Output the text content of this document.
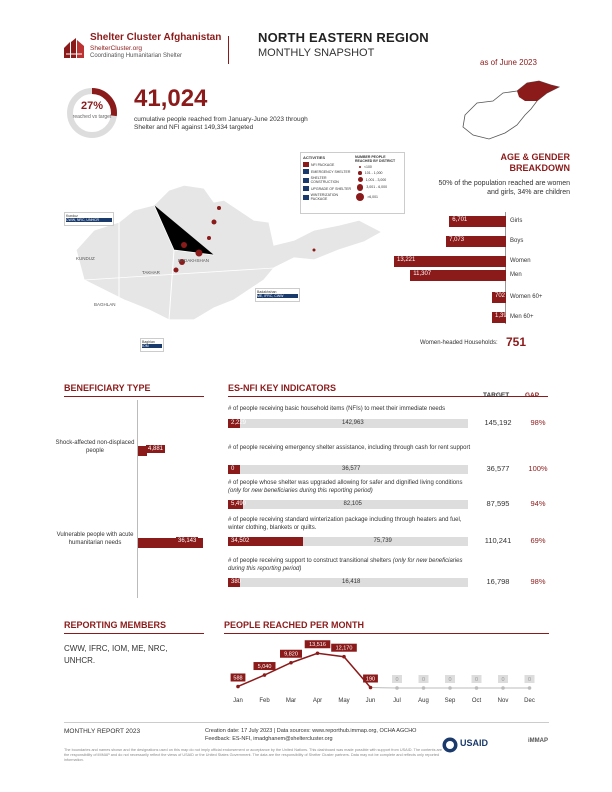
Shelter Cluster Afghanistan
ShelterCluster.org
Coordinating Humanitarian Shelter
NORTH EASTERN REGION
MONTHLY SNAPSHOT
as of June 2023
27%
reached vs target
41,024
cumulative people reached from January-June 2023 through Shelter and NFI against 149,334 targeted
Kunduz
CWW, NRC, UNHCR
Badakhshan
ME, IFRC, CWW
Baghlan
IOM
KUNDUZ
TAKHAR
BADAKHSHAN
BAGHLAN
ACTIVITIES
NFI PACKAGE
EMERGENCY SHELTER
SHELTER CONSTRUCTION
UPGRADE OF SHELTER
WINTERIZATION PACKAGE
NUMBER PEOPLE REACHED BY DISTRICT
<100
101 - 1,000
1,001 - 3,000
3,001 - 6,000
>6,001
AGE & GENDER BREAKDOWN
50% of the population reached are women and girls, 34% are children
6,701	Girls
7,073	Boys
13,221	Women
11,307	Men
702 Women 60+
1,398 Men 60+
Women-headed Households: 751
BENEFICIARY TYPE
Shock-affected non-displaced people	4,881
Vulnerable people with acute humanitarian needs	36,143
ES-NFI KEY INDICATORS
TARGET GAP
# of people receiving basic household items (NFIs) to meet their immediate needs
2,229	142,963	145,192	98%
# of people receiving emergency shelter assistance, including through cash for rent support
0	36,577	36,577	100%
# of people whose shelter was upgraded allowing for safer and dignified living conditions (only for new beneficiaries during this reporting period)
5,490	82,105	87,595	94%
# of people receiving standard winterization package including through heaters and fuel, winter clothing, blankets or quilts.
34,502	75,739	110,241	69%
# of people receiving support to construct transitional shelters (only for new beneficiaries during this reporting period)
380	16,418	16,798	98%
REPORTING MEMBERS
CWW, IFRC, IOM, ME, NRC, UNHCR.
PEOPLE REACHED PER MONTH
588
Jan
5,040
Feb
9,820
Mar
13,516
Apr
12,170
May
190
Jun
0
Jul
0
Aug
0
Sep
0
Oct
0
Nov
0
Dec
MONTHLY REPORT 2023	Creation date: 17 July 2023 | Data sources: www.reporthub.immap.org, OCHA AGCHO
Feedback: ES-NFI, imadghanem@sheltercluster.org
The boundaries and names shown and the designations used on this map do not imply official endorsement or acceptance by the United Nations. This dashboard was made possible with support from USAID. The contents are the responsibility of iMMAP and do not necessarily reflect the views of USAID or the United States Government. The data are the responsibility of Shelter Cluster partners. Data may not be complete and reflects only reported information.
USAID	iMMAP
